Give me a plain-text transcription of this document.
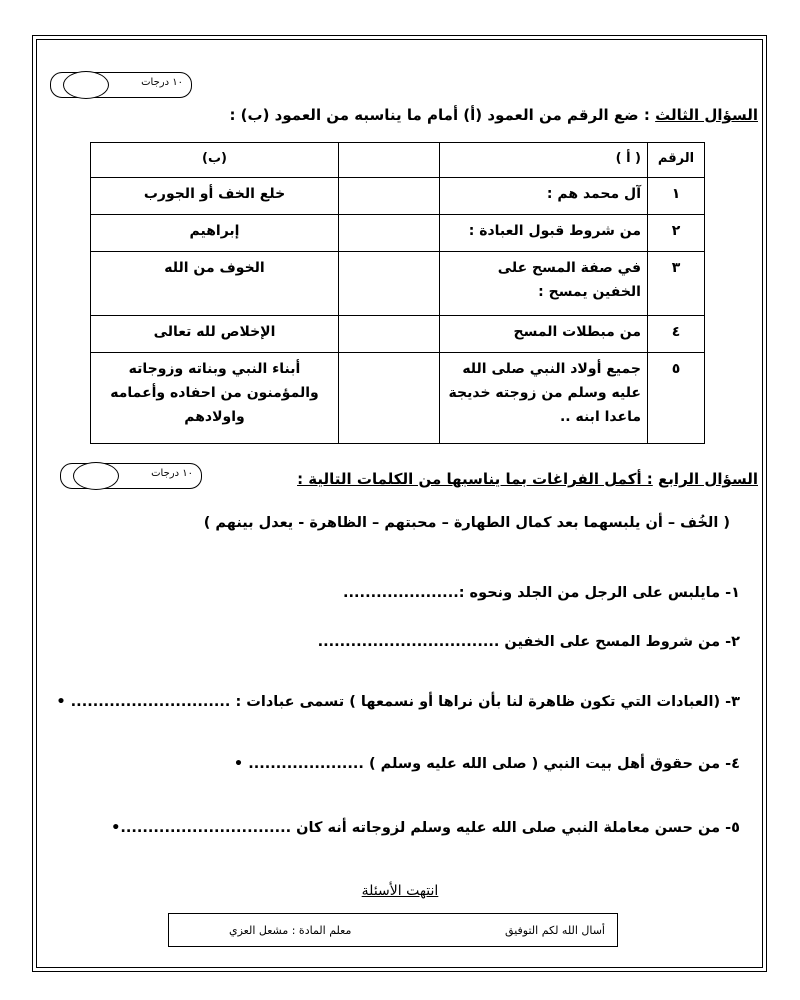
١٠ درجات
السؤال الثالث : ضع الرقم من العمود (أ) أمام ما يناسبه من العمود (ب) :
الرقم	( أ )		(ب)
١	آل محمد هم :		خلع الخف أو الجورب
٢	من شروط قبول العبادة :		إبراهيم
٣	في صفة المسح على الخفين يمسح :		الخوف من الله
٤	من مبطلات المسح		الإخلاص لله تعالى
٥	جميع أولاد النبي صلى الله عليه وسلم من زوجته خديجة ماعدا ابنه ..		أبناء النبي وبناته وزوجاته والمؤمنون من احفاده وأعمامه واولادهم
١٠ درجات	السؤال الرابع : أكمل الفراغات بما يناسبها من الكلمات التالية :
( الخُف – أن يلبسهما بعد كمال الطهارة – محبتهم – الظاهرة - يعدل بينهم )
١- مايلبس على الرجل من الجلد ونحوه :.....................
٢- من شروط المسح على الخفين .................................
٣- (العبادات التي تكون ظاهرة لنا بأن نراها أو نسمعها ) تسمى عبادات : ............................. •
٤- من حقوق أهل بيت النبي ( صلى الله عليه وسلم ) ..................... •
٥- من حسن معاملة النبي صلى الله عليه وسلم لزوجاته أنه كان ...............................•
انتهت الأسئلة
أسال الله لكم التوفيق
معلم المادة : مشعل العزي
